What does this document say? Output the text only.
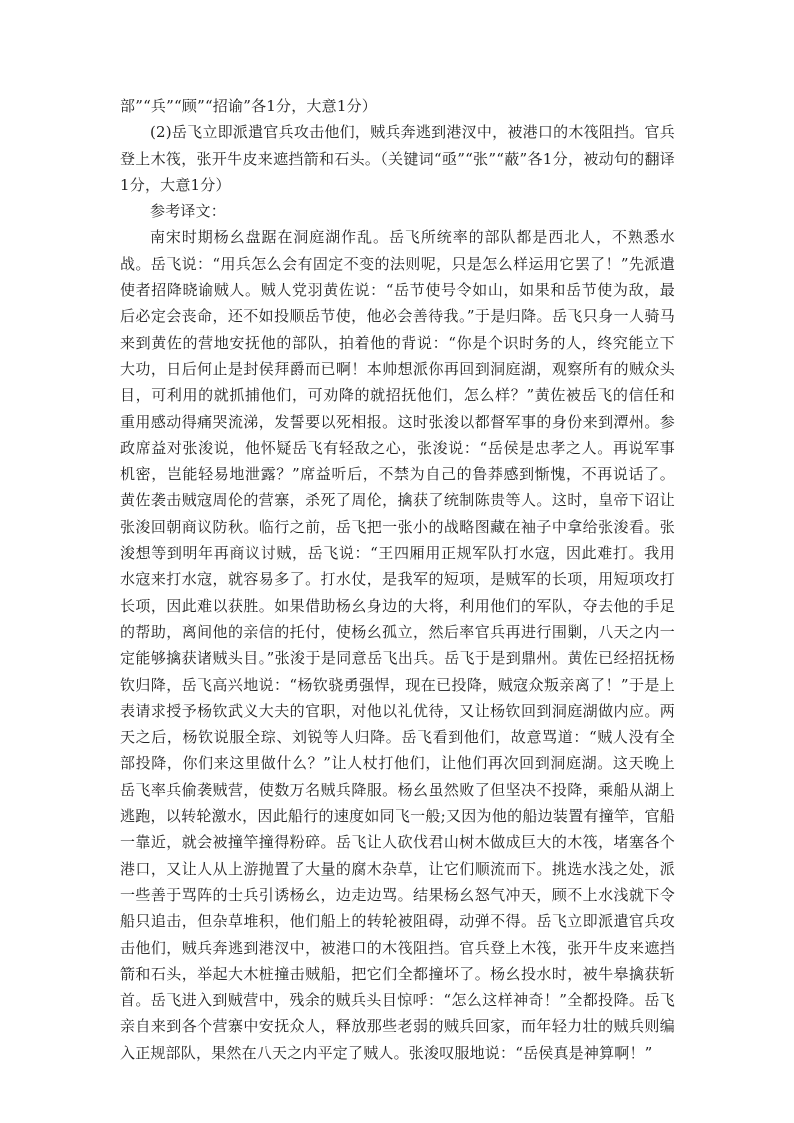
部”“兵”“顾”“招谕”各1分，大意1分）

(2)岳飞立即派遣官兵攻击他们，贼兵奔逃到港汊中，被港口的木筏阻挡。官兵登上木筏，张开牛皮来遮挡箭和石头。（关键词“亟”“张”“蔽”各1分，被动句的翻译1分，大意1分）

参考译文：

南宋时期杨幺盘踞在洞庭湖作乱。岳飞所统率的部队都是西北人，不熟悉水战。岳飞说：“用兵怎么会有固定不变的法则呢，只是怎么样运用它罢了！”先派遣使者招降晓谕贼人。贼人党羽黄佐说：“岳节使号令如山，如果和岳节使为敌，最后必定会丧命，还不如投顺岳节使，他必会善待我。”于是归降。岳飞只身一人骑马来到黄佐的营地安抚他的部队，拍着他的背说：“你是个识时务的人，终究能立下大功，日后何止是封侯拜爵而已啊！本帅想派你再回到洞庭湖，观察所有的贼众头目，可利用的就抓捕他们，可劝降的就招抚他们，怎么样？”黄佐被岳飞的信任和重用感动得痛哭流涕，发誓要以死相报。这时张浚以都督军事的身份来到潭州。参政席益对张浚说，他怀疑岳飞有轻敌之心，张浚说：“岳侯是忠孝之人。再说军事机密，岂能轻易地泄露？”席益听后，不禁为自己的鲁莽感到惭愧，不再说话了。黄佐袭击贼寇周伦的营寨，杀死了周伦，擒获了统制陈贵等人。这时，皇帝下诏让张浚回朝商议防秋。临行之前，岳飞把一张小的战略图藏在袖子中拿给张浚看。张浚想等到明年再商议讨贼，岳飞说：“王四厢用正规军队打水寇，因此难打。我用水寇来打水寇，就容易多了。打水仗，是我军的短项，是贼军的长项，用短项攻打长项，因此难以获胜。如果借助杨幺身边的大将，利用他们的军队，夺去他的手足的帮助，离间他的亲信的托付，使杨幺孤立，然后率官兵再进行围剿，八天之内一定能够擒获诸贼头目。”张浚于是同意岳飞出兵。岳飞于是到鼎州。黄佐已经招抚杨钦归降，岳飞高兴地说：“杨钦骁勇强悍，现在已投降，贼寇众叛亲离了！”于是上表请求授予杨钦武义大夫的官职，对他以礼优待，又让杨钦回到洞庭湖做内应。两天之后，杨钦说服全琮、刘锐等人归降。岳飞看到他们，故意骂道：“贼人没有全部投降，你们来这里做什么？”让人杖打他们，让他们再次回到洞庭湖。这天晚上岳飞率兵偷袭贼营，使数万名贼兵降服。杨幺虽然败了但坚决不投降，乘船从湖上逃跑，以转轮激水，因此船行的速度如同飞一般;又因为他的船边装置有撞竿，官船一靠近，就会被撞竿撞得粉碎。岳飞让人砍伐君山树木做成巨大的木筏，堵塞各个港口，又让人从上游抛置了大量的腐木杂草，让它们顺流而下。挑选水浅之处，派一些善于骂阵的士兵引诱杨幺，边走边骂。结果杨幺怒气冲天，顾不上水浅就下令船只追击，但杂草堆积，他们船上的转轮被阻碍，动弹不得。岳飞立即派遣官兵攻击他们，贼兵奔逃到港汊中，被港口的木筏阻挡。官兵登上木筏，张开牛皮来遮挡箭和石头，举起大木桩撞击贼船，把它们全都撞坏了。杨幺投水时，被牛皋擒获斩首。岳飞进入到贼营中，残余的贼兵头目惊呼：“怎么这样神奇！”全都投降。岳飞亲自来到各个营寨中安抚众人，释放那些老弱的贼兵回家，而年轻力壮的贼兵则编入正规部队，果然在八天之内平定了贼人。张浚叹服地说：“岳侯真是神算啊！”
